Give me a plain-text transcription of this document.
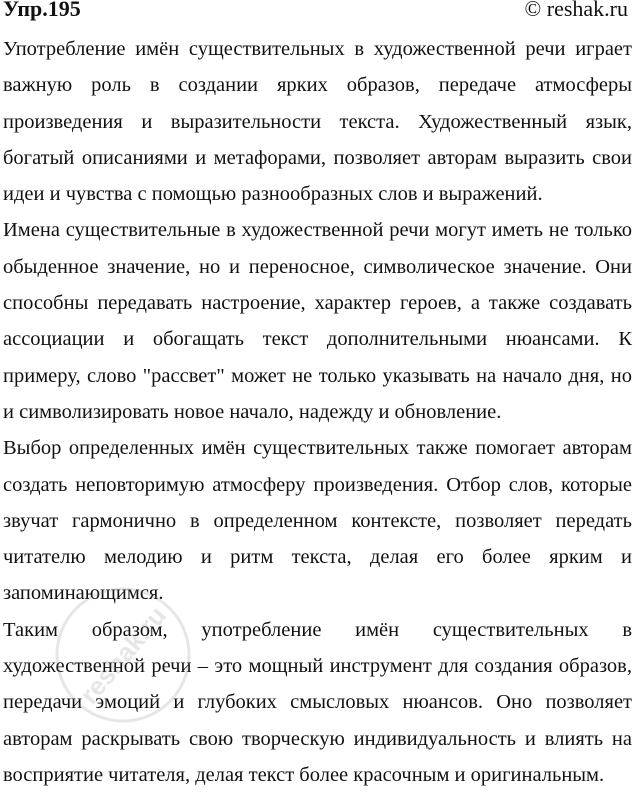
Упр.195	© reshak.ru

Употребление имён существительных в художественной речи играет важную роль в создании ярких образов, передаче атмосферы произведения и выразительности текста. Художественный язык, богатый описаниями и метафорами, позволяет авторам выразить свои идеи и чувства с помощью разнообразных слов и выражений.

Имена существительные в художественной речи могут иметь не только обыденное значение, но и переносное, символическое значение. Они способны передавать настроение, характер героев, а также создавать ассоциации и обогащать текст дополнительными нюансами. К примеру, слово "рассвет" может не только указывать на начало дня, но и символизировать новое начало, надежду и обновление.

Выбор определенных имён существительных также помогает авторам создать неповторимую атмосферу произведения. Отбор слов, которые звучат гармонично в определенном контексте, позволяет передать читателю мелодию и ритм текста, делая его более ярким и запоминающимся.

Таким образом, употребление имён существительных в художественной речи – это мощный инструмент для создания образов, передачи эмоций и глубоких смысловых нюансов. Оно позволяет авторам раскрывать свою творческую индивидуальность и влиять на восприятие читателя, делая текст более красочным и оригинальным.

reshak.ru
